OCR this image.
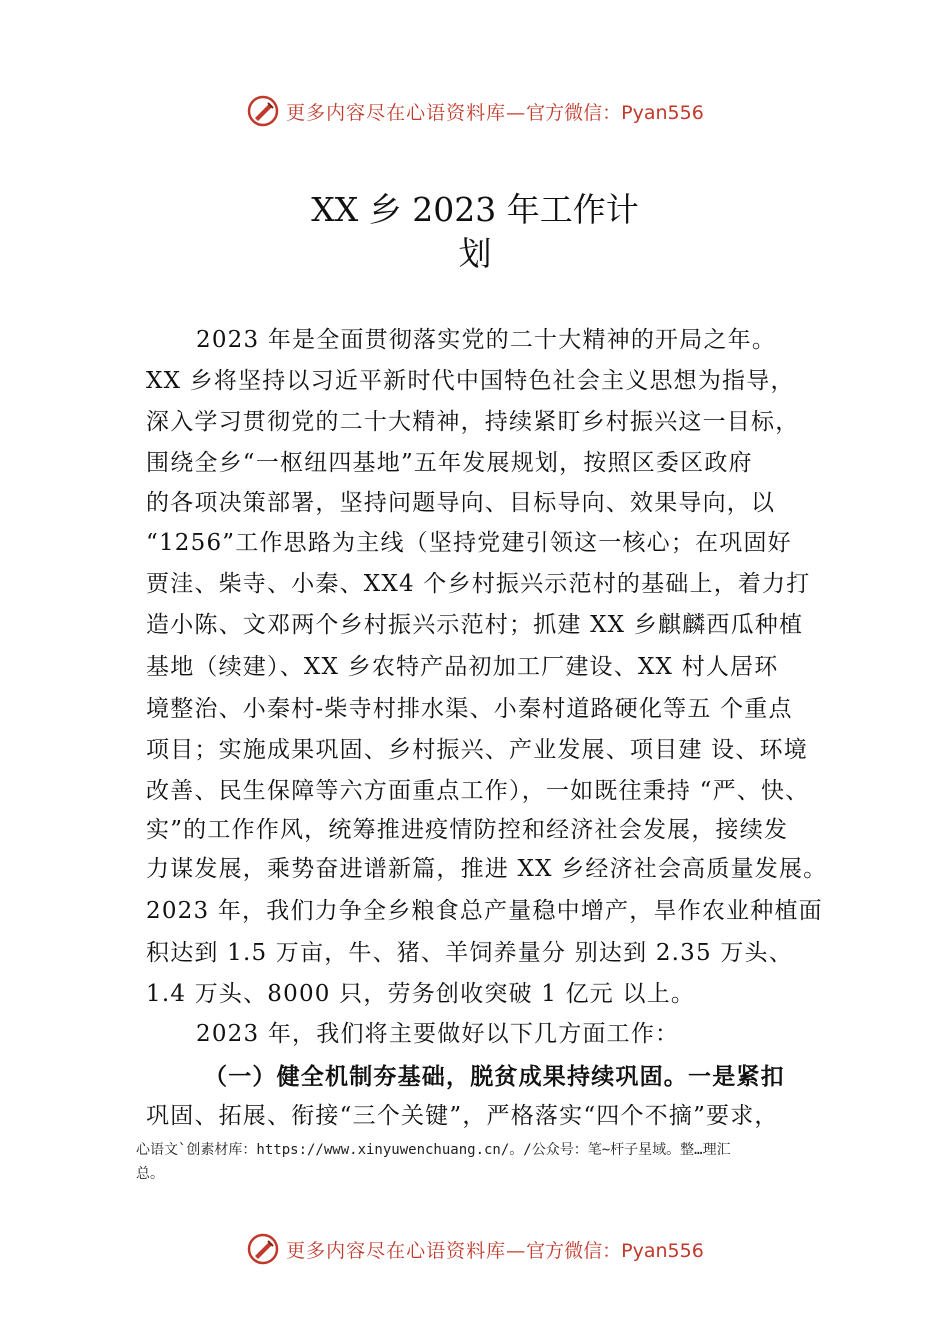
更多内容尽在心语资料库— 官方微信：Pyan556
XX 乡 2023 年工作计
划
2023 年是全面贯彻落实党的二十大精神的开局之年。
XX 乡将坚持以习近平新时代中国特色社会主义思想为指导，
深入学习贯彻党的二十大精神，持续紧盯乡村振兴这一目标，
围绕全乡“一枢纽四基地”五年发展规划，按照区委区政府
的各项决策部署，坚持问题导向、目标导向、效果导向，以
“1256”工作思路为主线（坚持党建引领这一核心；在巩固好
贾洼、柴寺、小秦、XX4 个乡村振兴示范村的基础上，着力打
造小陈、文邓两个乡村振兴示范村；抓建 XX 乡麒麟西瓜种植
基地（续建）、XX 乡农特产品初加工厂建设、XX 村人居环
境整治、小秦村-柴寺村排水渠、小秦村道路硬化等五 个重点
项目；实施成果巩固、乡村振兴、产业发展、项目建 设、环境
改善、民生保障等六方面重点工作），一如既往秉持 “严、快、
实”的工作作风，统筹推进疫情防控和经济社会发展，接续发
力谋发展，乘势奋进谱新篇，推进 XX 乡经济社会高质量发展。
2023 年，我们力争全乡粮食总产量稳中增产，旱作农业种植面
积达到 1.5 万亩，牛、猪、羊饲养量分 别达到 2.35 万头、
1.4 万头、8000 只，劳务创收突破 1 亿元 以上。
2023 年，我们将主要做好以下几方面工作：
（一）健全机制夯基础，脱贫成果持续巩固。一是紧扣
巩固、拓展、衔接“三个关键”，严格落实“四个不摘”要求，
心语文`创素材库：https://www.xinyuwenchuang.cn/。/公众号：笔~杆子星域。整…理汇
总。
更多内容尽在心语资料库— 官方微信：Pyan556
